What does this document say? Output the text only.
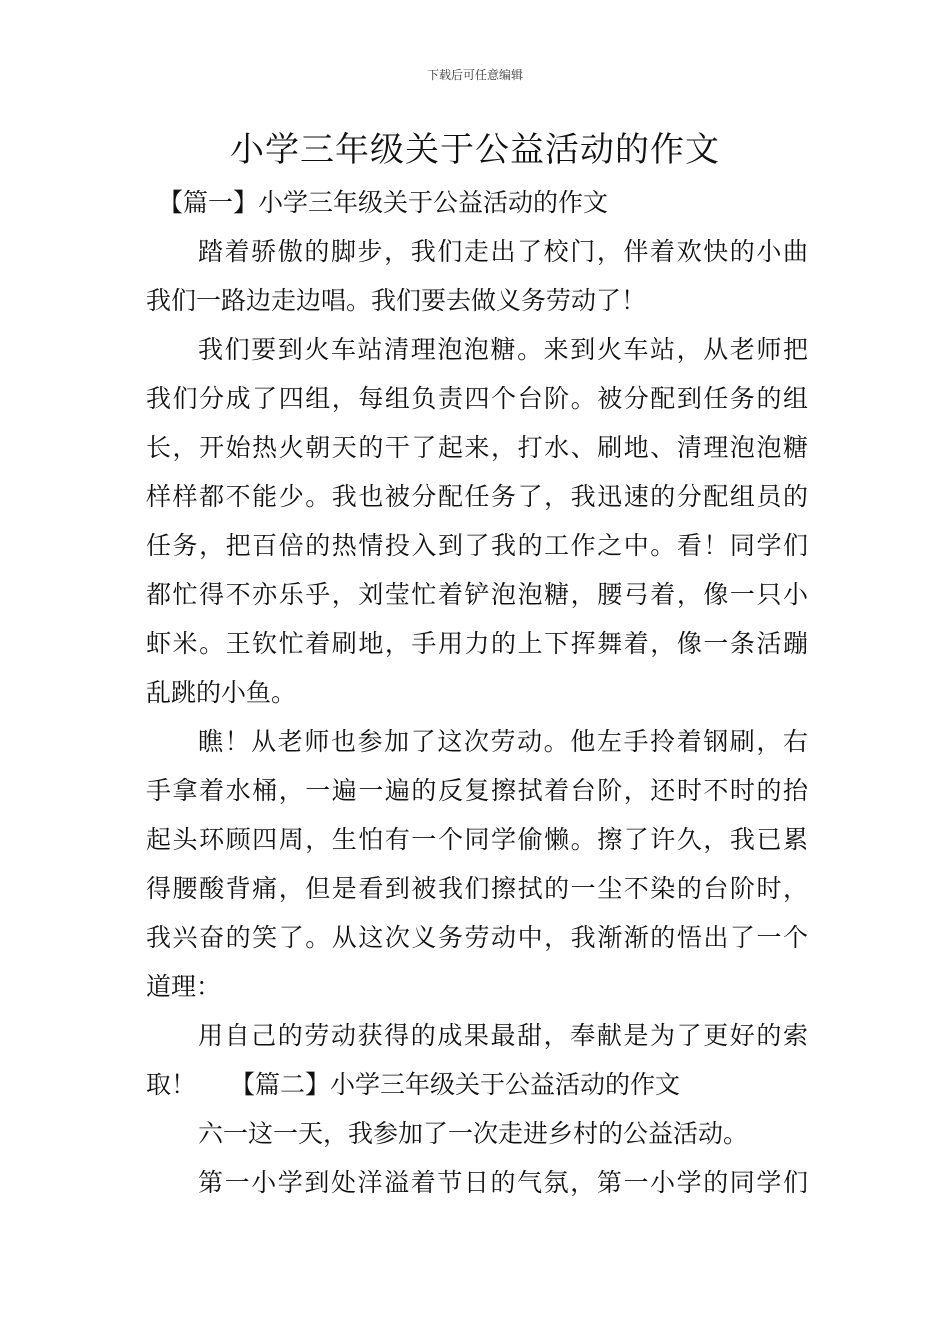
下载后可任意编辑
小学三年级关于公益活动的作文
【篇一】小学三年级关于公益活动的作文
踏着骄傲的脚步，我们走出了校门，伴着欢快的小曲
我们一路边走边唱。我们要去做义务劳动了！
我们要到火车站清理泡泡糖。来到火车站，从老师把
我们分成了四组，每组负责四个台阶。被分配到任务的组
长，开始热火朝天的干了起来，打水、刷地、清理泡泡糖
样样都不能少。我也被分配任务了，我迅速的分配组员的
任务，把百倍的热情投入到了我的工作之中。看！同学们
都忙得不亦乐乎，刘莹忙着铲泡泡糖，腰弓着，像一只小
虾米。王钦忙着刷地，手用力的上下挥舞着，像一条活蹦
乱跳的小鱼。
瞧！从老师也参加了这次劳动。他左手拎着钢刷，右
手拿着水桶，一遍一遍的反复擦拭着台阶，还时不时的抬
起头环顾四周，生怕有一个同学偷懒。擦了许久，我已累
得腰酸背痛，但是看到被我们擦拭的一尘不染的台阶时，
我兴奋的笑了。从这次义务劳动中，我渐渐的悟出了一个
道理：
用自己的劳动获得的成果最甜，奉献是为了更好的索
取！ 【篇二】小学三年级关于公益活动的作文
六一这一天，我参加了一次走进乡村的公益活动。
第一小学到处洋溢着节日的气氛，第一小学的同学们
